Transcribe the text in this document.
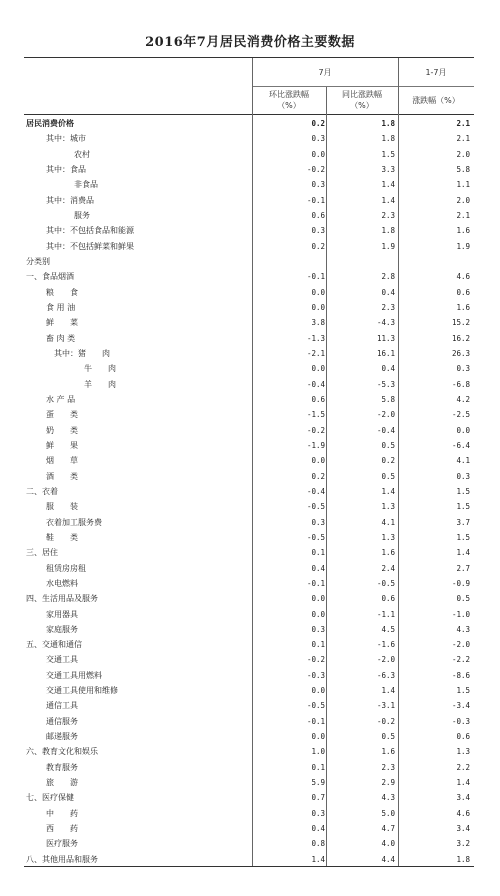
2016年7月居民消费价格主要数据
7月	1-7月
环比涨跌幅
（%）
同比涨跌幅
（%）
涨跌幅（%）
居民消费价格	0.2	1.8	2.1
其中：城市	0.3	1.8	2.1
农村	0.0	1.5	2.0
其中：食品	-0.2	3.3	5.8
非食品	0.3	1.4	1.1
其中：消费品	-0.1	1.4	2.0
服务	0.6	2.3	2.1
其中：不包括食品和能源	0.3	1.8	1.6
其中：不包括鲜菜和鲜果	0.2	1.9	1.9
分类别
一、食品烟酒	-0.1	2.8	4.6
粮　　食	0.0	0.4	0.6
食 用 油	0.0	2.3	1.6
鲜　　菜	3.8	-4.3	15.2
畜 肉 类	-1.3	11.3	16.2
其中：猪　　肉	-2.1	16.1	26.3
牛　　肉	0.0	0.4	0.3
羊　　肉	-0.4	-5.3	-6.8
水 产 品	0.6	5.8	4.2
蛋　　类	-1.5	-2.0	-2.5
奶　　类	-0.2	-0.4	0.0
鲜　　果	-1.9	0.5	-6.4
烟　　草	0.0	0.2	4.1
酒　　类	0.2	0.5	0.3
二、衣着	-0.4	1.4	1.5
服　　装	-0.5	1.3	1.5
衣着加工服务费	0.3	4.1	3.7
鞋　　类	-0.5	1.3	1.5
三、居住	0.1	1.6	1.4
租赁房房租	0.4	2.4	2.7
水电燃料	-0.1	-0.5	-0.9
四、生活用品及服务	0.0	0.6	0.5
家用器具	0.0	-1.1	-1.0
家庭服务	0.3	4.5	4.3
五、交通和通信	0.1	-1.6	-2.0
交通工具	-0.2	-2.0	-2.2
交通工具用燃料	-0.3	-6.3	-8.6
交通工具使用和维修	0.0	1.4	1.5
通信工具	-0.5	-3.1	-3.4
通信服务	-0.1	-0.2	-0.3
邮递服务	0.0	0.5	0.6
六、教育文化和娱乐	1.0	1.6	1.3
教育服务	0.1	2.3	2.2
旅　　游	5.9	2.9	1.4
七、医疗保健	0.7	4.3	3.4
中　　药	0.3	5.0	4.6
西　　药	0.4	4.7	3.4
医疗服务	0.8	4.0	3.2
八、其他用品和服务	1.4	4.4	1.8
